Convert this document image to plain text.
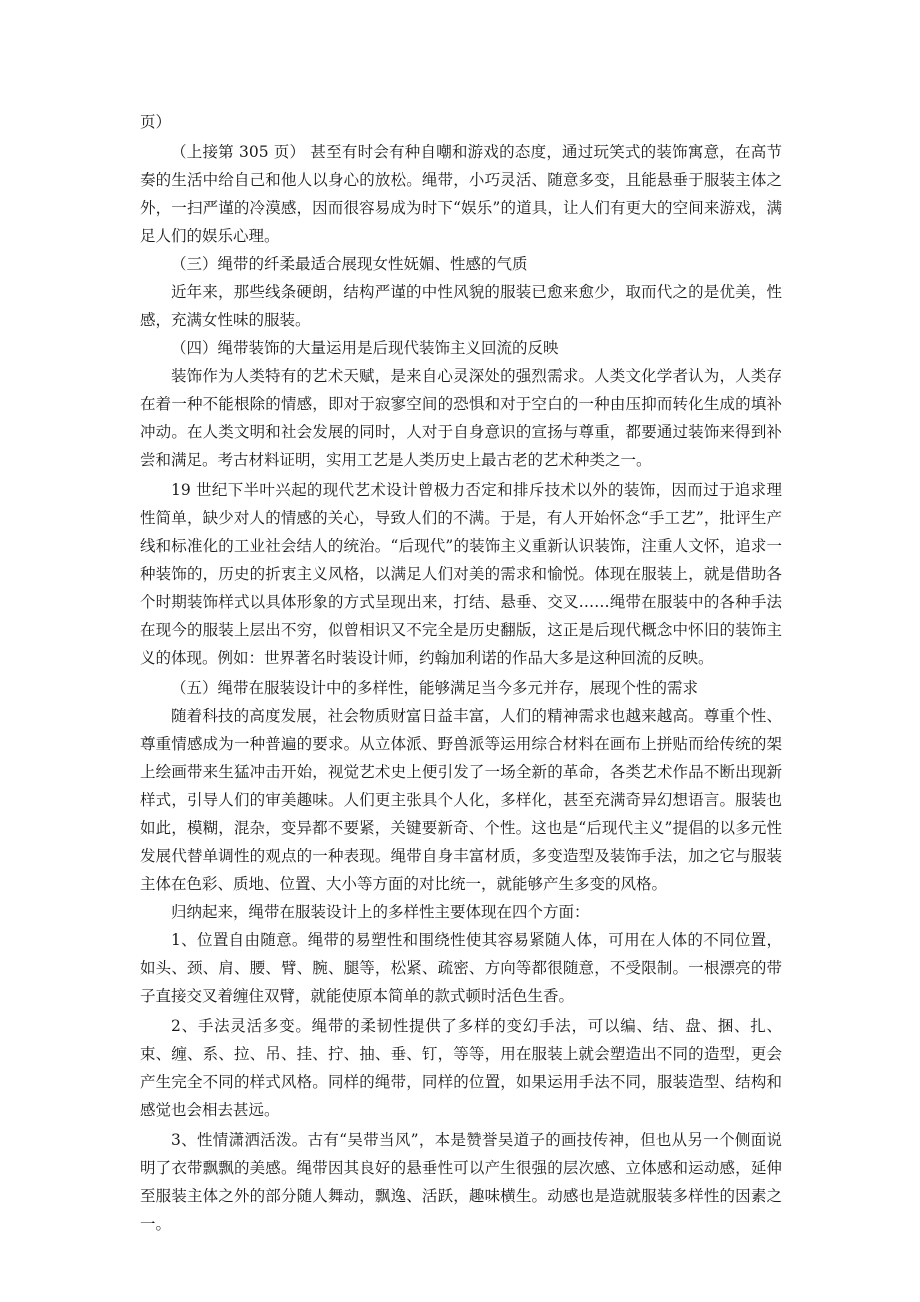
页）

（上接第 305 页） 甚至有时会有种自嘲和游戏的态度，通过玩笑式的装饰寓意，在高节奏的生活中给自己和他人以身心的放松。绳带，小巧灵活、随意多变，且能悬垂于服装主体之外，一扫严谨的冷漠感，因而很容易成为时下“娱乐”的道具，让人们有更大的空间来游戏，满足人们的娱乐心理。

（三）绳带的纤柔最适合展现女性妩媚、性感的气质

近年来，那些线条硬朗，结构严谨的中性风貌的服装已愈来愈少，取而代之的是优美，性感，充满女性味的服装。

（四）绳带装饰的大量运用是后现代装饰主义回流的反映

装饰作为人类特有的艺术天赋，是来自心灵深处的强烈需求。人类文化学者认为，人类存在着一种不能根除的情感，即对于寂寥空间的恐惧和对于空白的一种由压抑而转化生成的填补冲动。在人类文明和社会发展的同时，人对于自身意识的宣扬与尊重，都要通过装饰来得到补尝和满足。考古材料证明，实用工艺是人类历史上最古老的艺术种类之一。

19 世纪下半叶兴起的现代艺术设计曾极力否定和排斥技术以外的装饰，因而过于追求理性简单，缺少对人的情感的关心，导致人们的不满。于是，有人开始怀念“手工艺”，批评生产线和标准化的工业社会结人的统治。“后现代”的装饰主义重新认识装饰，注重人文怀，追求一种装饰的，历史的折衷主义风格，以满足人们对美的需求和愉悦。体现在服装上，就是借助各个时期装饰样式以具体形象的方式呈现出来，打结、悬垂、交叉……绳带在服装中的各种手法在现今的服装上层出不穷，似曾相识又不完全是历史翻版，这正是后现代概念中怀旧的装饰主义的体现。例如：世界著名时装设计师，约翰加利诺的作品大多是这种回流的反映。

（五）绳带在服装设计中的多样性，能够满足当今多元并存，展现个性的需求

随着科技的高度发展，社会物质财富日益丰富，人们的精神需求也越来越高。尊重个性、尊重情感成为一种普遍的要求。从立体派、野兽派等运用综合材料在画布上拼贴而给传统的架上绘画带来生猛冲击开始，视觉艺术史上便引发了一场全新的革命，各类艺术作品不断出现新样式，引导人们的审美趣味。人们更主张具个人化，多样化，甚至充满奇异幻想语言。服装也如此，模糊，混杂，变异都不要紧，关键要新奇、个性。这也是“后现代主义”提倡的以多元性发展代替单调性的观点的一种表现。绳带自身丰富材质，多变造型及装饰手法，加之它与服装主体在色彩、质地、位置、大小等方面的对比统一，就能够产生多变的风格。

归纳起来，绳带在服装设计上的多样性主要体现在四个方面：

1、位置自由随意。绳带的易塑性和围绕性使其容易紧随人体，可用在人体的不同位置，如头、颈、肩、腰、臂、腕、腿等，松紧、疏密、方向等都很随意，不受限制。一根漂亮的带子直接交叉着缠住双臂，就能使原本简单的款式顿时活色生香。

2、手法灵活多变。绳带的柔韧性提供了多样的变幻手法，可以编、结、盘、捆、扎、束、缠、系、拉、吊、挂、拧、抽、垂、钉，等等，用在服装上就会塑造出不同的造型，更会产生完全不同的样式风格。同样的绳带，同样的位置，如果运用手法不同，服装造型、结构和感觉也会相去甚远。

3、性情潇洒活泼。古有“吴带当风”，本是赞誉吴道子的画技传神，但也从另一个侧面说明了衣带飘飘的美感。绳带因其良好的悬垂性可以产生很强的层次感、立体感和运动感，延伸至服装主体之外的部分随人舞动，飘逸、活跃，趣味横生。动感也是造就服装多样性的因素之一。
